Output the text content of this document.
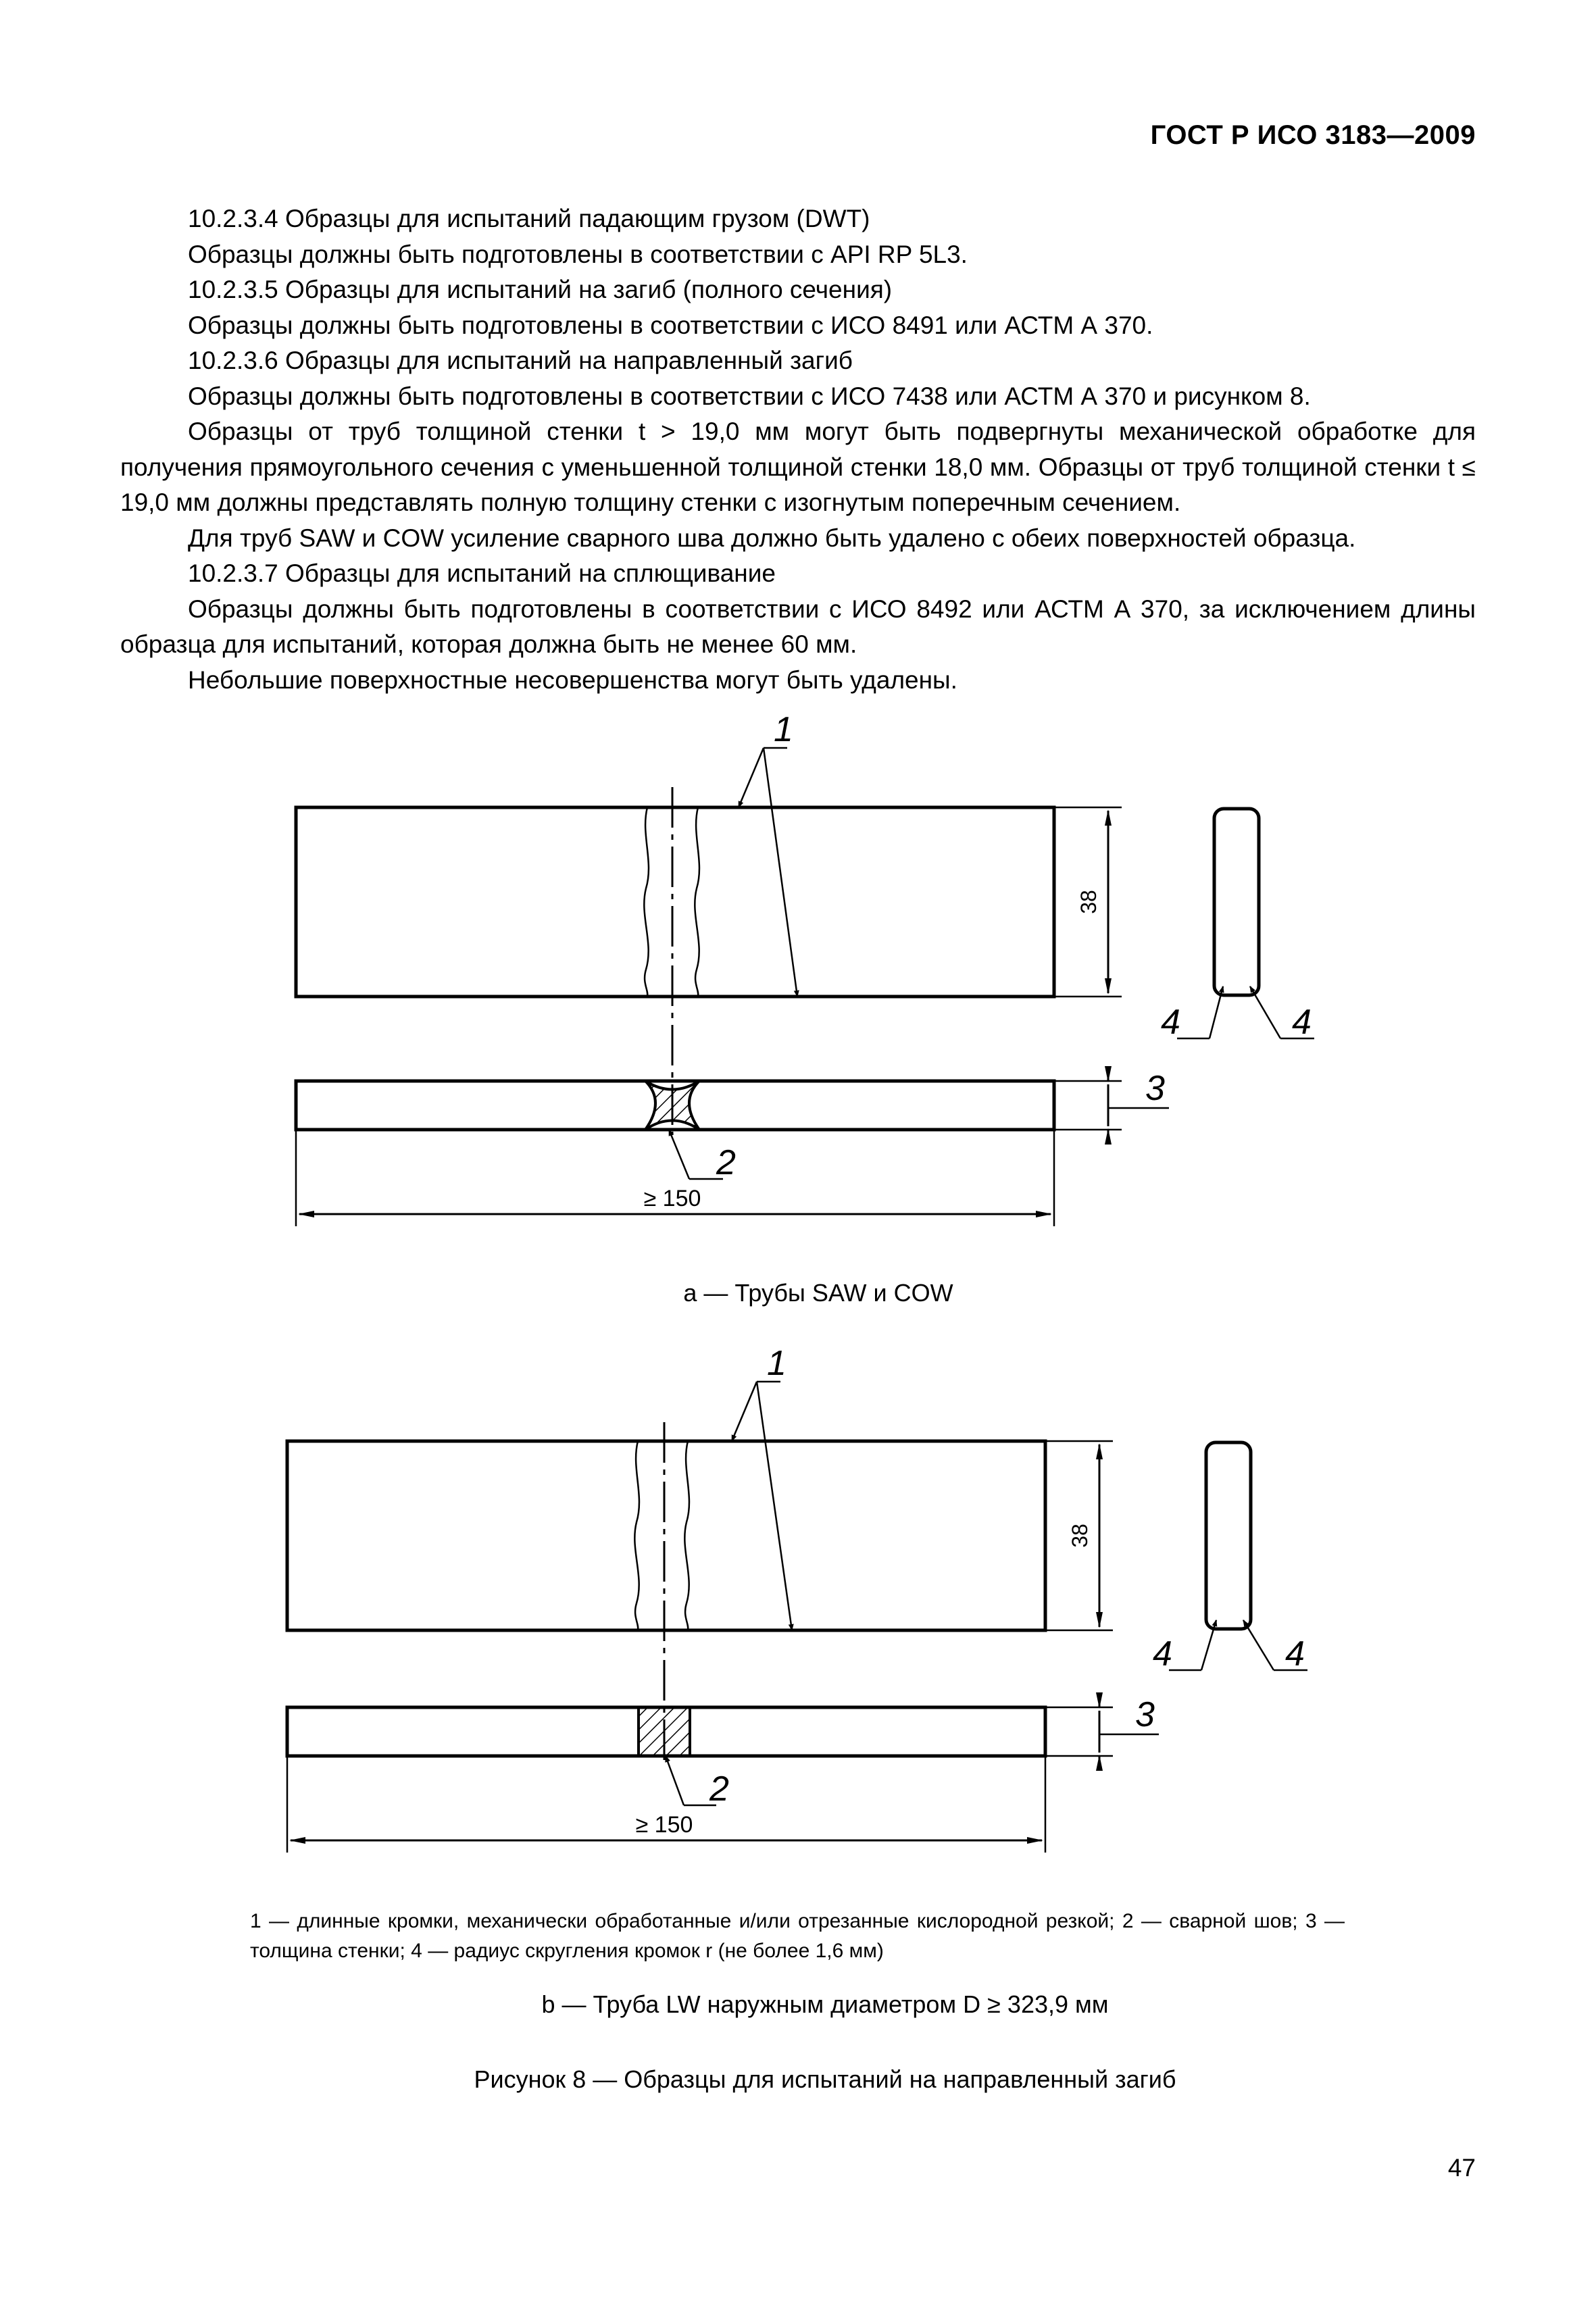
ГОСТ Р ИСО 3183—2009

10.2.3.4 Образцы для испытаний падающим грузом (DWT)

Образцы должны быть подготовлены в соответствии с API RP 5L3.

10.2.3.5 Образцы для испытаний на загиб (полного сечения)

Образцы должны быть подготовлены в соответствии с ИСО 8491 или АСТМ А 370.

10.2.3.6 Образцы для испытаний на направленный загиб

Образцы должны быть подготовлены в соответствии с ИСО 7438 или АСТМ А 370 и рисунком 8.

Образцы от труб толщиной стенки t > 19,0 мм могут быть подвергнуты механической обработке для получения прямоугольного сечения с уменьшенной толщиной стенки 18,0 мм. Образцы от труб толщиной стенки t ≤ 19,0 мм должны представлять полную толщину стенки с изогнутым поперечным сечением.

Для труб SAW и COW усиление сварного шва должно быть удалено с обеих поверхностей образца.

10.2.3.7 Образцы для испытаний на сплющивание

Образцы должны быть подготовлены в соответствии с ИСО 8492 или АСТМ А 370, за исключением длины образца для испытаний, которая должна быть не менее 60 мм.

Небольшие поверхностные несовершенства могут быть удалены.

38
≥ 150
1
2
3
4	4
38
≥ 150
1
2
3
4	4
а — Трубы SAW и COW

1 — длинные кромки, механически обработанные и/или отрезанные кислородной резкой; 2 — сварной шов; 3 — толщина стенки; 4 — радиус скругления кромок r (не более 1,6 мм)

b — Труба LW наружным диаметром D ≥ 323,9 мм
Рисунок 8 — Образцы для испытаний на направленный загиб
47
